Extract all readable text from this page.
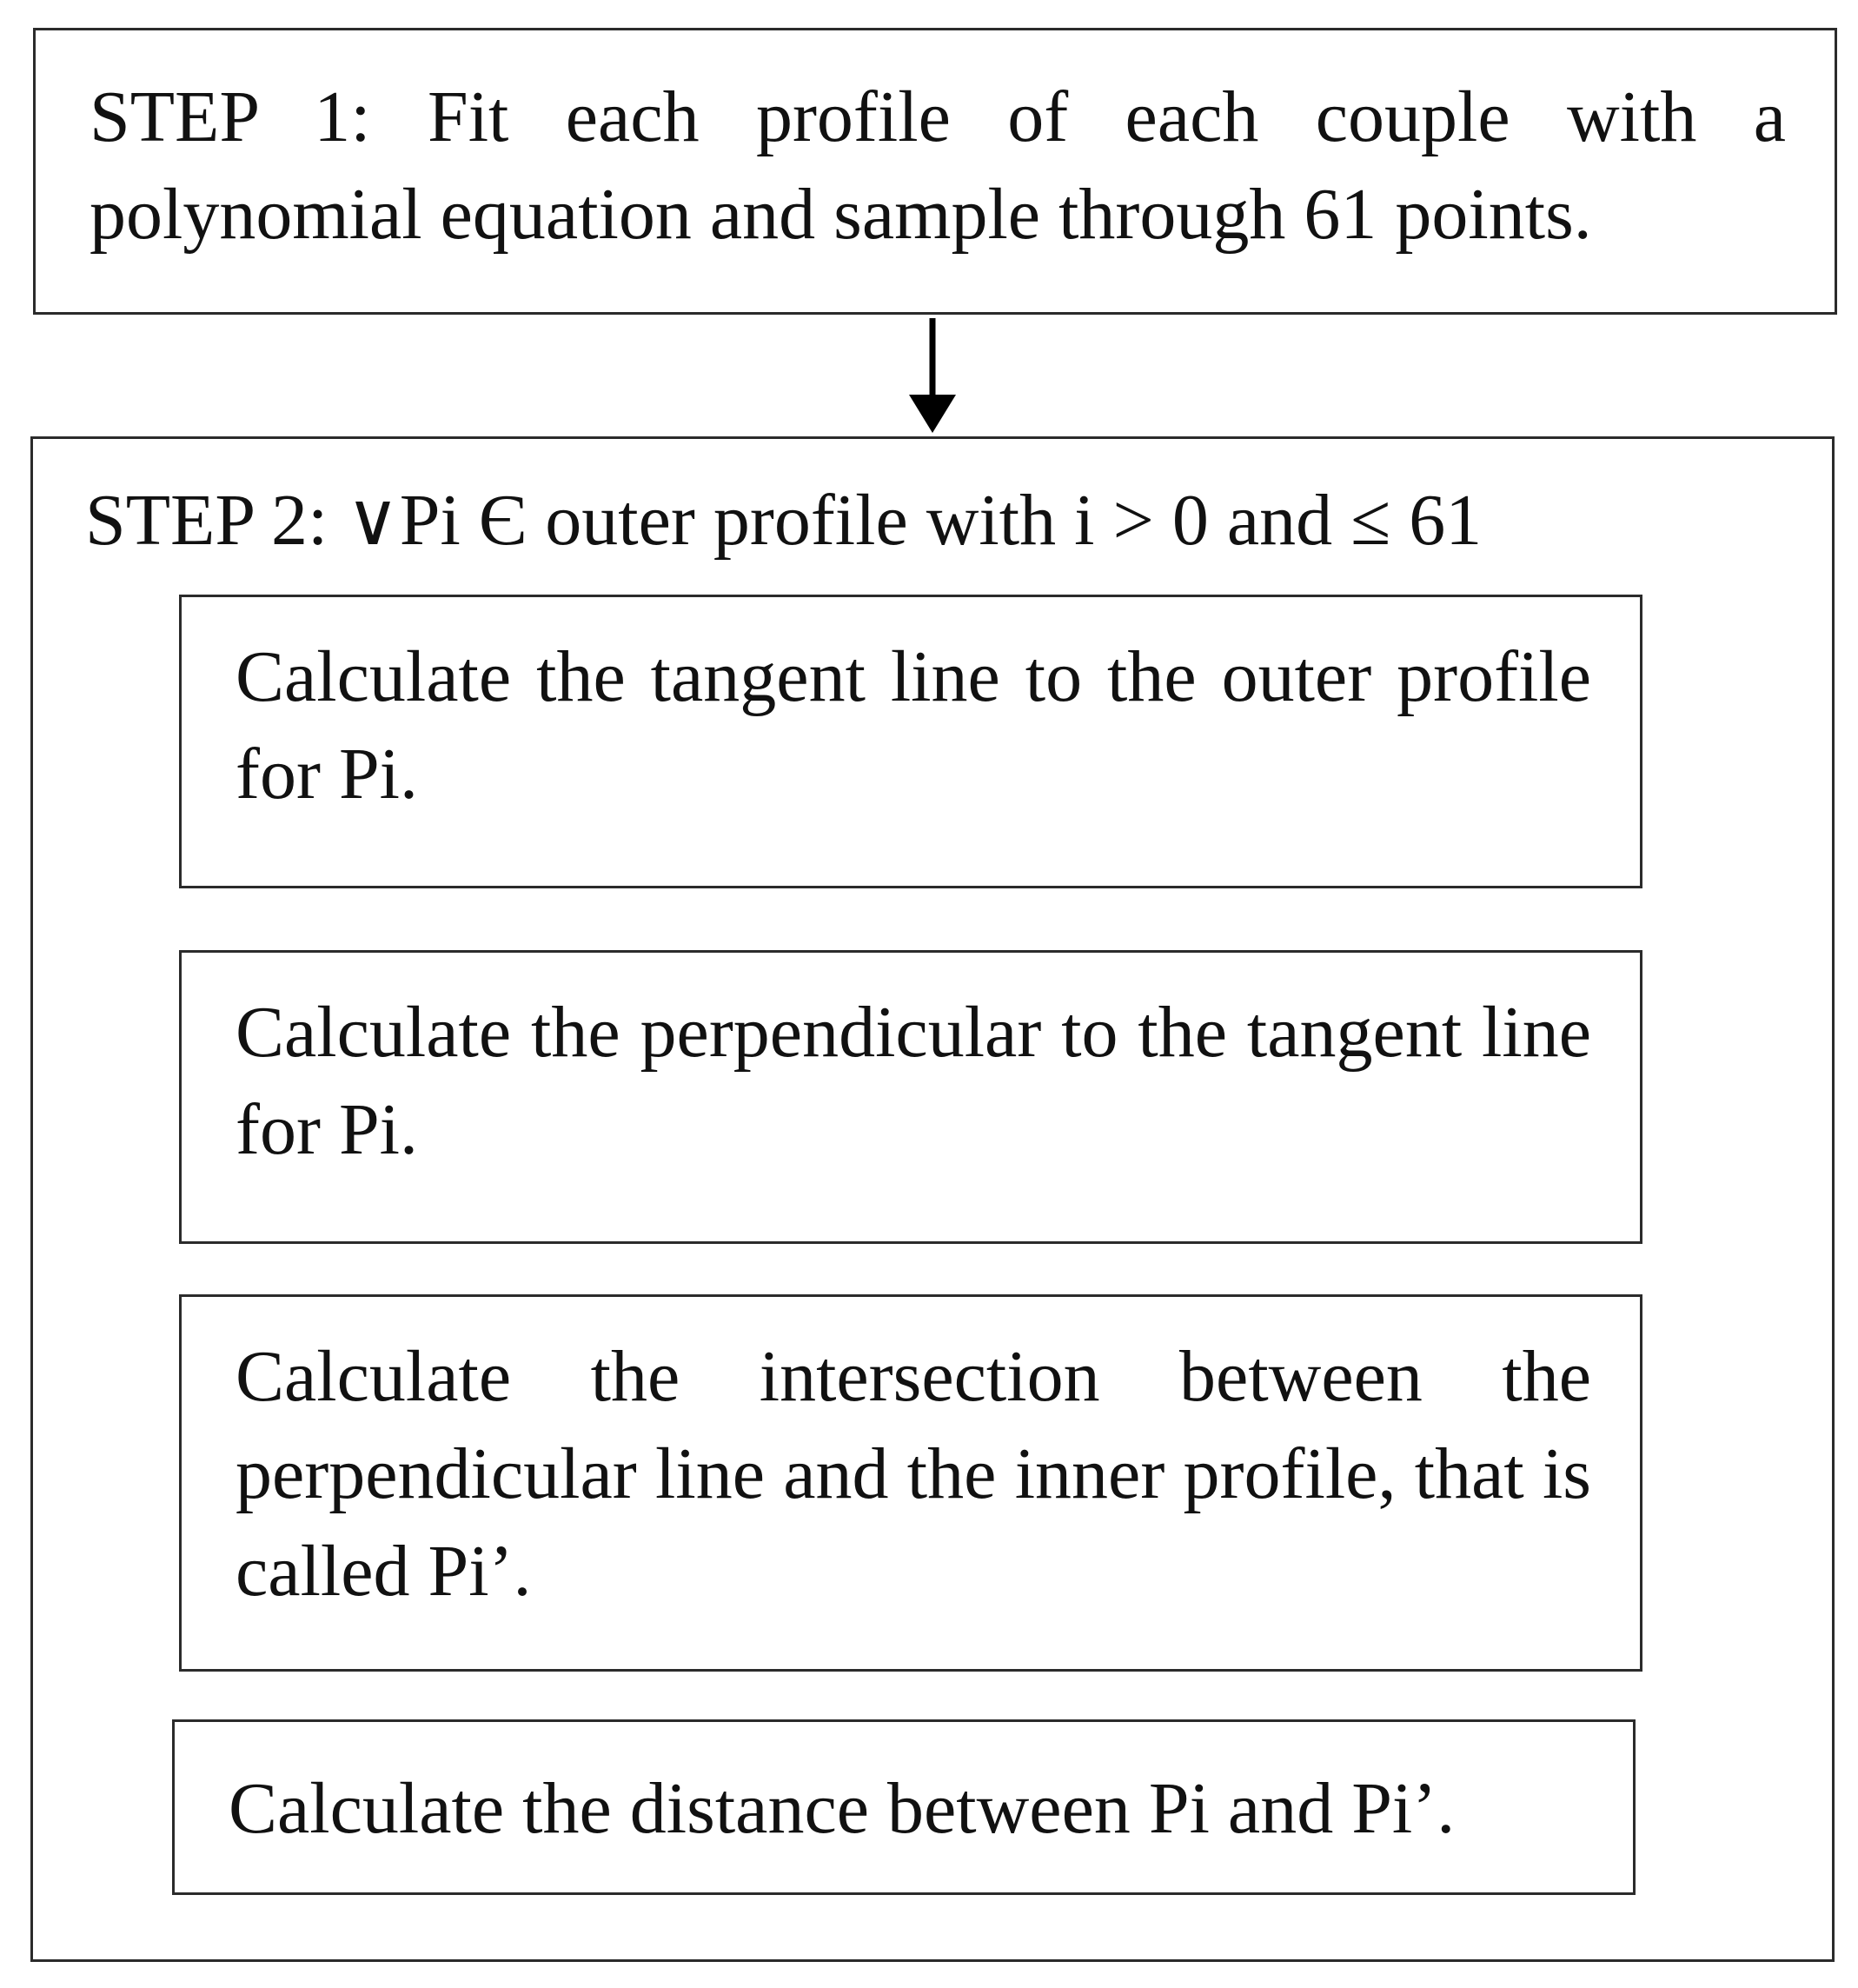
STEP 1: Fit each profile of each couple with a polynomial equation and sample through 61 points.
STEP 2: ∨Pi Є outer profile with i > 0 and ≤ 61
Calculate the tangent line to the outer profile for Pi.
Calculate the perpendicular to the tangent line for Pi.
Calculate the intersection between the perpendicular line and the inner profile, that is called Pi’.
Calculate the distance between Pi and Pi’.
